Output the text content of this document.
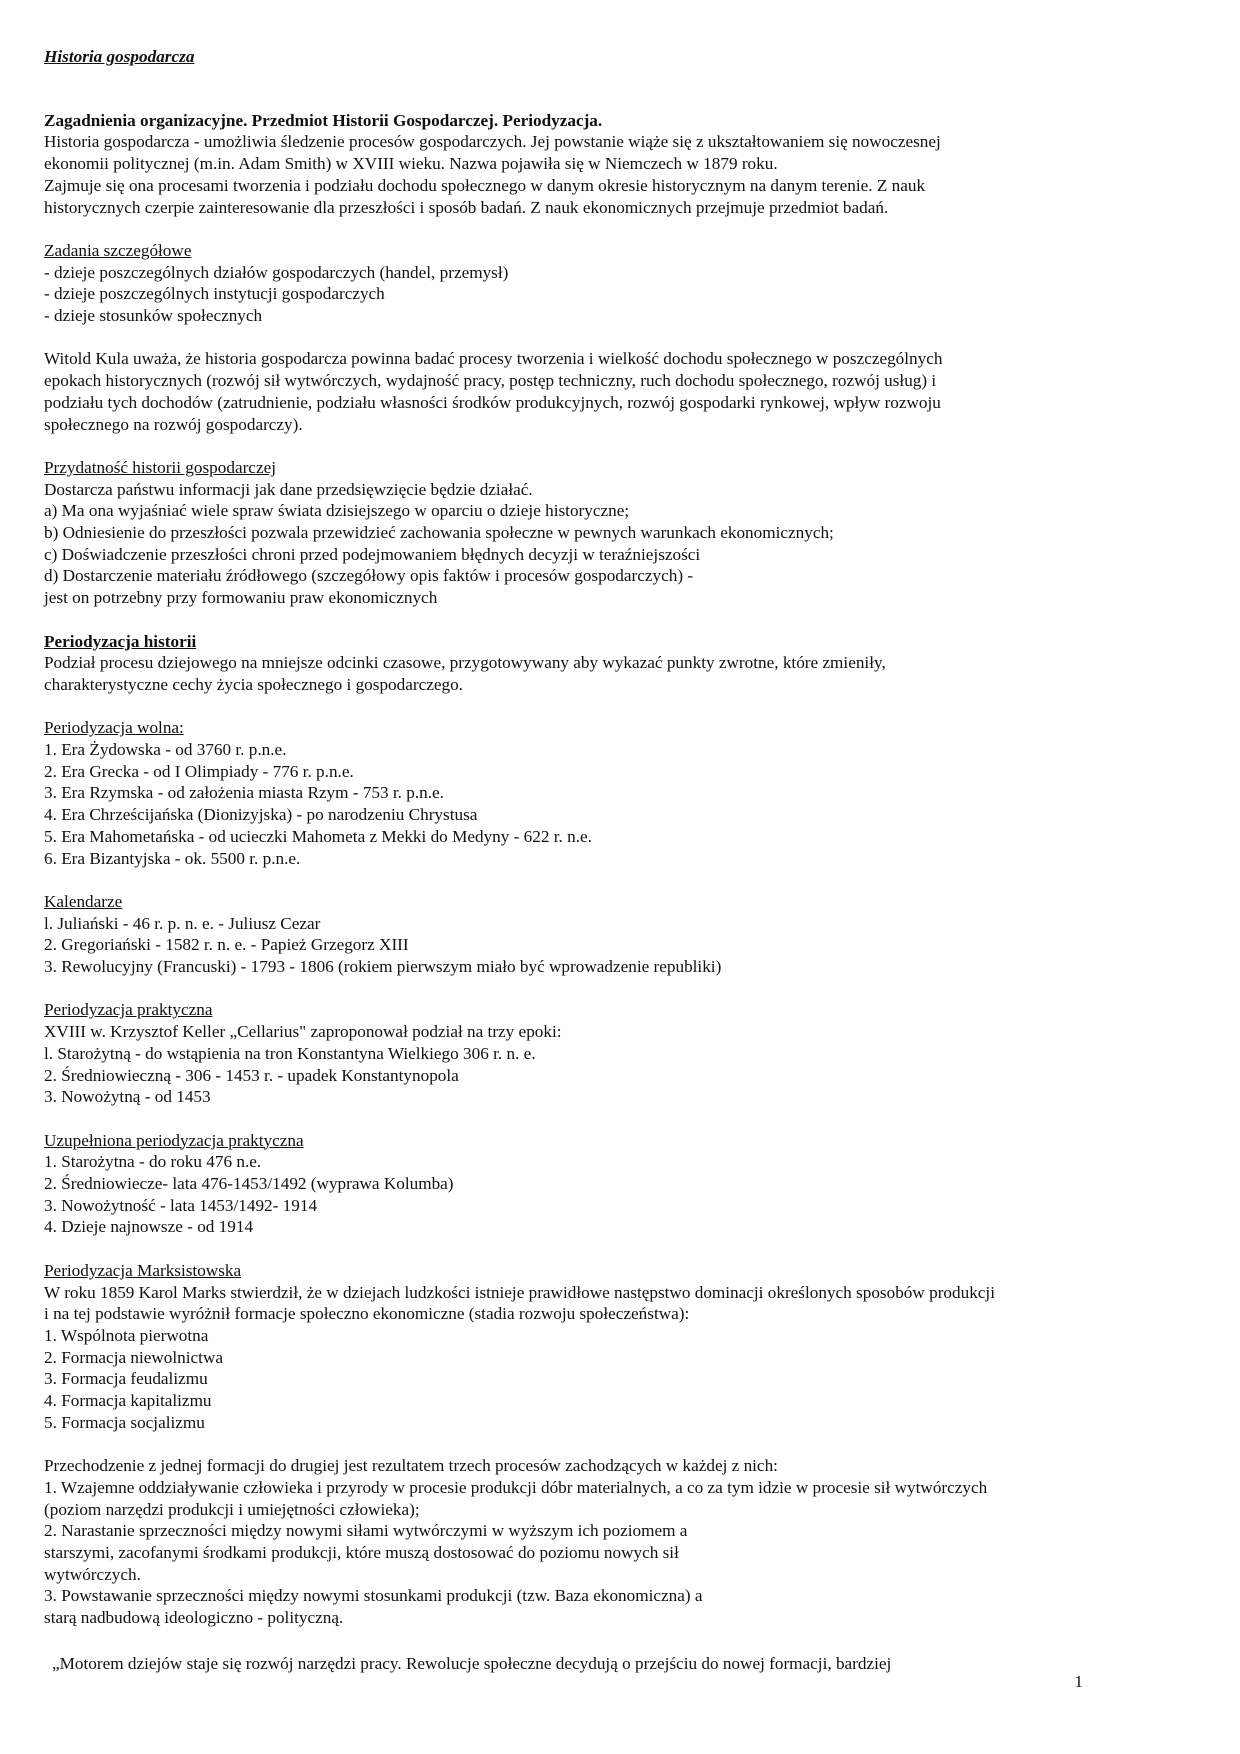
Historia gospodarcza
Zagadnienia organizacyjne. Przedmiot Historii Gospodarczej. Periodyzacja.
Historia gospodarcza - umożliwia śledzenie procesów gospodarczych. Jej powstanie wiąże się z ukształtowaniem się nowoczesnej
ekonomii politycznej (m.in. Adam Smith) w XVIII wieku. Nazwa pojawiła się w Niemczech w 1879 roku.
Zajmuje się ona procesami tworzenia i podziału dochodu społecznego w danym okresie historycznym na danym terenie. Z nauk
historycznych czerpie zainteresowanie dla przeszłości i sposób badań. Z nauk ekonomicznych przejmuje przedmiot badań.
Zadania szczegółowe
- dzieje poszczególnych działów gospodarczych (handel, przemysł)
- dzieje poszczególnych instytucji gospodarczych
- dzieje stosunków społecznych
Witold Kula uważa, że historia gospodarcza powinna badać procesy tworzenia i wielkość dochodu społecznego w poszczególnych
epokach historycznych (rozwój sił wytwórczych, wydajność pracy, postęp techniczny, ruch dochodu społecznego, rozwój usług) i
podziału tych dochodów (zatrudnienie, podziału własności środków produkcyjnych, rozwój gospodarki rynkowej, wpływ rozwoju
społecznego na rozwój gospodarczy).
Przydatność historii gospodarczej
Dostarcza państwu informacji jak dane przedsięwzięcie będzie działać.
a) Ma ona wyjaśniać wiele spraw świata dzisiejszego w oparciu o dzieje historyczne;
b) Odniesienie do przeszłości pozwala przewidzieć zachowania społeczne w pewnych warunkach ekonomicznych;
c) Doświadczenie przeszłości chroni przed podejmowaniem błędnych decyzji w teraźniejszości
d) Dostarczenie materiału źródłowego (szczegółowy opis faktów i procesów gospodarczych) -
jest on potrzebny przy formowaniu praw ekonomicznych
Periodyzacja historii
Podział procesu dziejowego na mniejsze odcinki czasowe, przygotowywany aby wykazać punkty zwrotne, które zmieniły,
charakterystyczne cechy życia społecznego i gospodarczego.
Periodyzacja wolna:
1. Era Żydowska - od 3760 r. p.n.e.
2. Era Grecka - od I Olimpiady - 776 r. p.n.e.
3. Era Rzymska - od założenia miasta Rzym - 753 r. p.n.e.
4. Era Chrześcijańska (Dionizyjska) - po narodzeniu Chrystusa
5. Era Mahometańska - od ucieczki Mahometa z Mekki do Medyny - 622 r. n.e.
6. Era Bizantyjska - ok. 5500 r. p.n.e.
Kalendarze
l. Juliański - 46 r. p. n. e. - Juliusz Cezar
2. Gregoriański - 1582 r. n. e. - Papież Grzegorz XIII
3. Rewolucyjny (Francuski) - 1793 - 1806 (rokiem pierwszym miało być wprowadzenie republiki)
Periodyzacja praktyczna
XVIII w. Krzysztof Keller „Cellarius" zaproponował podział na trzy epoki:
l. Starożytną - do wstąpienia na tron Konstantyna Wielkiego 306 r. n. e.
2. Średniowieczną - 306 - 1453 r. - upadek Konstantynopola
3. Nowożytną - od 1453
Uzupełniona periodyzacja praktyczna
1. Starożytna - do roku 476 n.e.
2. Średniowiecze- lata 476-1453/1492 (wyprawa Kolumba)
3. Nowożytność - lata 1453/1492- 1914
4. Dzieje najnowsze - od 1914
Periodyzacja Marksistowska
W roku 1859 Karol Marks stwierdził, że w dziejach ludzkości istnieje prawidłowe następstwo dominacji określonych sposobów produkcji
i na tej podstawie wyróżnił formacje społeczno ekonomiczne (stadia rozwoju społeczeństwa):
1. Wspólnota pierwotna
2. Formacja niewolnictwa
3. Formacja feudalizmu
4. Formacja kapitalizmu
5. Formacja socjalizmu
Przechodzenie z jednej formacji do drugiej jest rezultatem trzech procesów zachodzących w każdej z nich:
1. Wzajemne oddziaływanie człowieka i przyrody w procesie produkcji dóbr materialnych, a co za tym idzie w procesie sił wytwórczych
(poziom narzędzi produkcji i umiejętności człowieka);
2. Narastanie sprzeczności między nowymi siłami wytwórczymi w wyższym ich poziomem a
starszymi, zacofanymi środkami produkcji, które muszą dostosować do poziomu nowych sił
wytwórczych.
3. Powstawanie sprzeczności między nowymi stosunkami produkcji (tzw. Baza ekonomiczna) a
starą nadbudową ideologiczno - polityczną.
„Motorem dziejów staje się rozwój narzędzi pracy. Rewolucje społeczne decydują o przejściu do nowej formacji, bardziej
1
